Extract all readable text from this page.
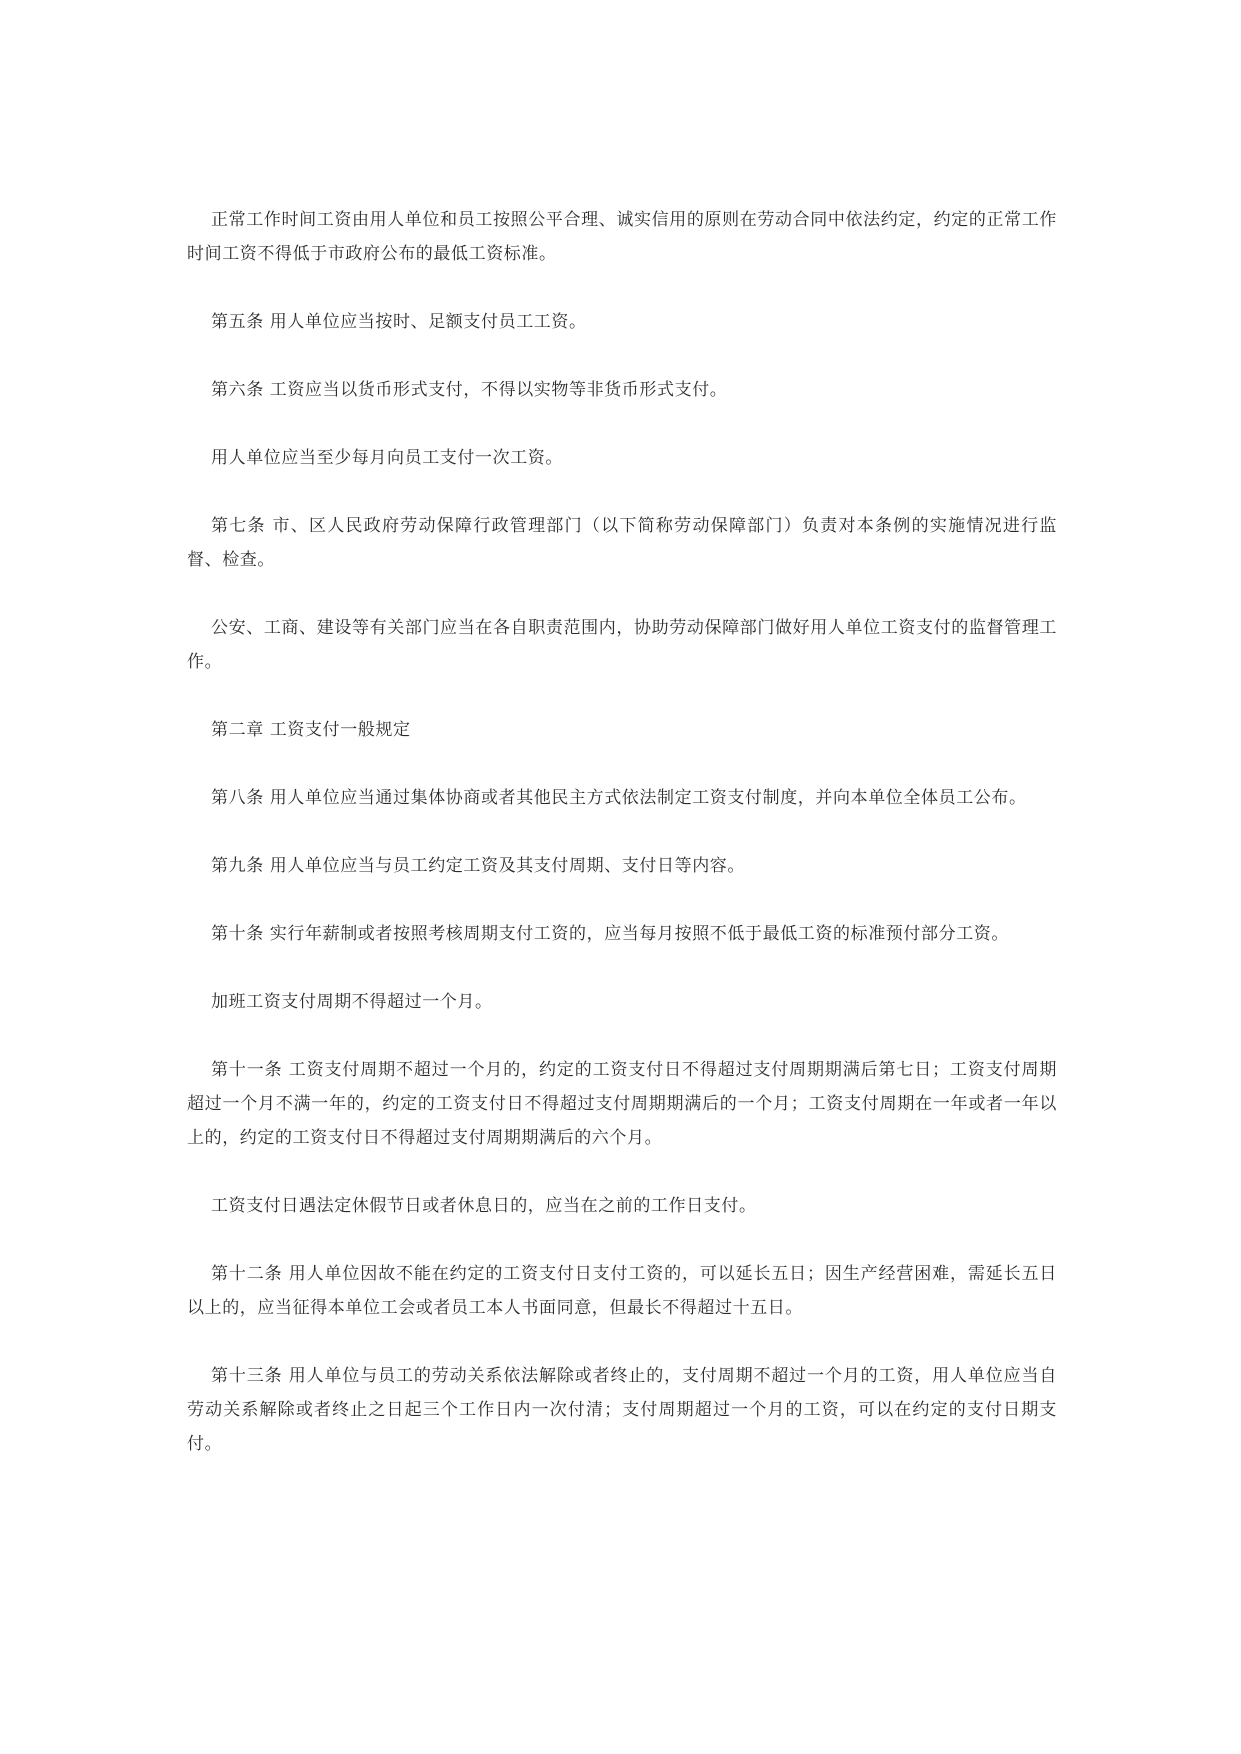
正常工作时间工资由用人单位和员工按照公平合理、诚实信用的原则在劳动合同中依法约定，约定的正常工作时间工资不得低于市政府公布的最低工资标准。

第五条 用人单位应当按时、足额支付员工工资。

第六条 工资应当以货币形式支付，不得以实物等非货币形式支付。

用人单位应当至少每月向员工支付一次工资。

第七条 市、区人民政府劳动保障行政管理部门（以下简称劳动保障部门）负责对本条例的实施情况进行监督、检查。

公安、工商、建设等有关部门应当在各自职责范围内，协助劳动保障部门做好用人单位工资支付的监督管理工作。

第二章 工资支付一般规定

第八条 用人单位应当通过集体协商或者其他民主方式依法制定工资支付制度，并向本单位全体员工公布。

第九条 用人单位应当与员工约定工资及其支付周期、支付日等内容。

第十条 实行年薪制或者按照考核周期支付工资的，应当每月按照不低于最低工资的标准预付部分工资。

加班工资支付周期不得超过一个月。

第十一条 工资支付周期不超过一个月的，约定的工资支付日不得超过支付周期期满后第七日；工资支付周期超过一个月不满一年的，约定的工资支付日不得超过支付周期期满后的一个月；工资支付周期在一年或者一年以上的，约定的工资支付日不得超过支付周期期满后的六个月。

工资支付日遇法定休假节日或者休息日的，应当在之前的工作日支付。

第十二条 用人单位因故不能在约定的工资支付日支付工资的，可以延长五日；因生产经营困难，需延长五日以上的，应当征得本单位工会或者员工本人书面同意，但最长不得超过十五日。

第十三条 用人单位与员工的劳动关系依法解除或者终止的，支付周期不超过一个月的工资，用人单位应当自劳动关系解除或者终止之日起三个工作日内一次付清；支付周期超过一个月的工资，可以在约定的支付日期支付。
